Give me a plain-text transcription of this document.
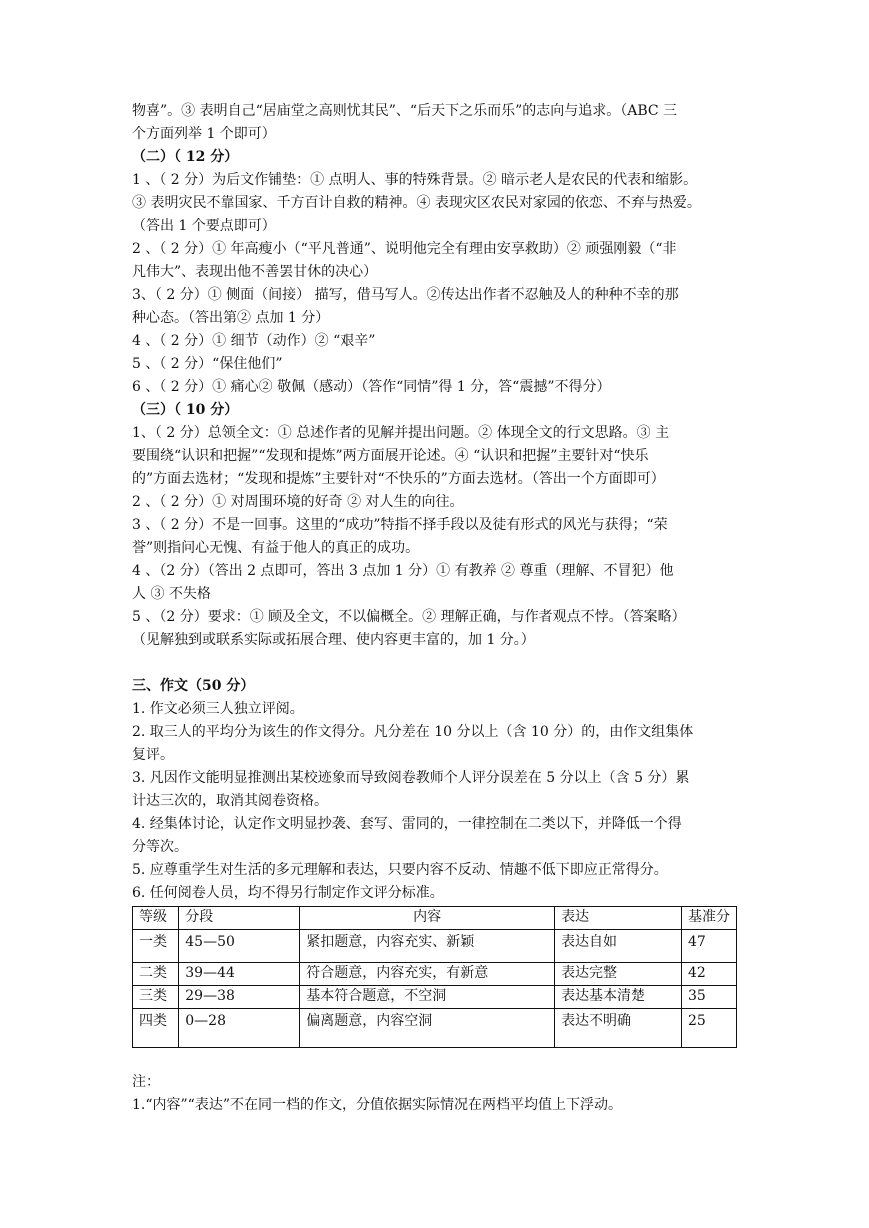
物喜”。③ 表明自己“居庙堂之高则忧其民”、“后天下之乐而乐”的志向与追求。（ABC 三

个方面列举 1 个即可）

（二）（ 12 分）

1 、（ 2 分）为后文作铺垫：① 点明人、事的特殊背景。② 暗示老人是农民的代表和缩影。

③ 表明灾民不靠国家、千方百计自救的精神。④ 表现灾区农民对家园的依恋、不弃与热爱。

（答出 1 个要点即可）

2 、（ 2 分）① 年高瘦小（“平凡普通”、说明他完全有理由安享救助）② 顽强刚毅（“非

凡伟大”、表现出他不善罢甘休的决心）

3、（ 2 分）① 侧面（间接） 描写，借马写人。②传达出作者不忍触及人的种种不幸的那

种心态。（答出第② 点加 1 分）

4 、（ 2 分）① 细节（动作）② “艰辛”

5 、（ 2 分）“保住他们”

6 、（ 2 分）① 痛心② 敬佩（感动）（答作“同情”得 1 分，答“震撼”不得分）

（三）（ 10 分）

1、（ 2 分）总领全文：① 总述作者的见解并提出问题。② 体现全文的行文思路。③ 主

要围绕“认识和把握”“发现和提炼”两方面展开论述。④ “认识和把握”主要针对“快乐

的”方面去选材；“发现和提炼”主要针对“不快乐的”方面去选材。（答出一个方面即可）

2 、（ 2 分）① 对周围环境的好奇 ② 对人生的向往。

3 、（ 2 分）不是一回事。这里的“成功”特指不择手段以及徒有形式的风光与获得；“荣

誉”则指问心无愧、有益于他人的真正的成功。

4 、（2 分）（答出 2 点即可，答出 3 点加 1 分）① 有教养 ② 尊重（理解、不冒犯）他

人 ③ 不失格

5 、（2 分）要求：① 顾及全文，不以偏概全。② 理解正确，与作者观点不悖。（答案略）

（见解独到或联系实际或拓展合理、使内容更丰富的，加 1 分。）

三、作文（50 分）

1. 作文必须三人独立评阅。

2. 取三人的平均分为该生的作文得分。凡分差在 10 分以上（含 10 分）的，由作文组集体

复评。

3. 凡因作文能明显推测出某校迹象而导致阅卷教师个人评分误差在 5 分以上（含 5 分）累

计达三次的，取消其阅卷资格。

4. 经集体讨论，认定作文明显抄袭、套写、雷同的，一律控制在二类以下，并降低一个得

分等次。

5. 应尊重学生对生活的多元理解和表达，只要内容不反动、情趣不低下即应正常得分。

6. 任何阅卷人员，均不得另行制定作文评分标准。

等级	分段	内容	表达	基准分
一类	45—50	紧扣题意，内容充实、新颖	表达自如	47
二类	39—44	符合题意，内容充实，有新意	表达完整	42
三类	29—38	基本符合题意，不空洞	表达基本清楚	35
四类	0—28	偏离题意，内容空洞	表达不明确	25

注：

1.“内容”“表达”不在同一档的作文，分值依据实际情况在两档平均值上下浮动。
